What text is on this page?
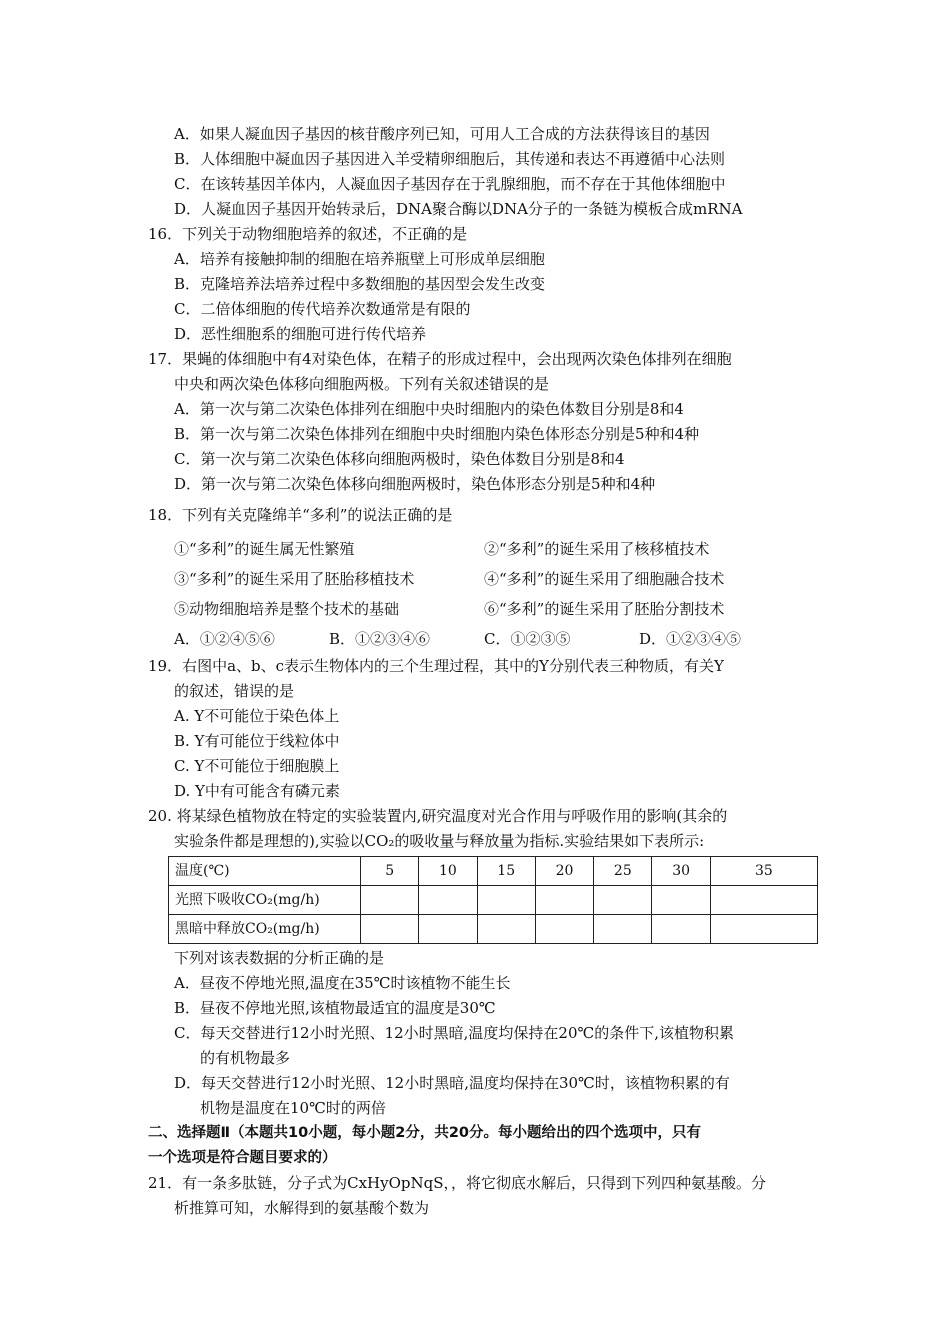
A．如果人凝血因子基因的核苷酸序列已知，可用人工合成的方法获得该目的基因
B．人体细胞中凝血因子基因进入羊受精卵细胞后，其传递和表达不再遵循中心法则
C．在该转基因羊体内，人凝血因子基因存在于乳腺细胞，而不存在于其他体细胞中
D．人凝血因子基因开始转录后，DNA聚合酶以DNA分子的一条链为模板合成mRNA
16．下列关于动物细胞培养的叙述，不正确的是
A．培养有接触抑制的细胞在培养瓶壁上可形成单层细胞
B．克隆培养法培养过程中多数细胞的基因型会发生改变
C．二倍体细胞的传代培养次数通常是有限的
D．恶性细胞系的细胞可进行传代培养
17．果蝇的体细胞中有4对染色体，在精子的形成过程中，会出现两次染色体排列在细胞
中央和两次染色体移向细胞两极。下列有关叙述错误的是
A．第一次与第二次染色体排列在细胞中央时细胞内的染色体数目分别是8和4
B．第一次与第二次染色体排列在细胞中央时细胞内染色体形态分别是5种和4种
C．第一次与第二次染色体移向细胞两极时，染色体数目分别是8和4
D．第一次与第二次染色体移向细胞两极时，染色体形态分别是5种和4种
18．下列有关克隆绵羊“多利”的说法正确的是
①“多利”的诞生属无性繁殖	②“多利”的诞生采用了核移植技术
③“多利”的诞生采用了胚胎移植技术	④“多利”的诞生采用了细胞融合技术
⑤动物细胞培养是整个技术的基础	⑥“多利”的诞生采用了胚胎分割技术
A．①②④⑤⑥	B．①②③④⑥	C．①②③⑤	D．①②③④⑤
19．右图中a、b、c表示生物体内的三个生理过程，其中的Y分别代表三种物质，有关Y
的叙述，错误的是
A. Y不可能位于染色体上
B. Y有可能位于线粒体中
C. Y不可能位于细胞膜上
D. Y中有可能含有磷元素
20. 将某绿色植物放在特定的实验装置内,研究温度对光合作用与呼吸作用的影响(其余的
实验条件都是理想的),实验以CO₂的吸收量与释放量为指标.实验结果如下表所示:
温度(℃)	5	10	15	20	25	30	35
光照下吸收CO₂(mg/h)							
黑暗中释放CO₂(mg/h)							
下列对该表数据的分析正确的是
A．昼夜不停地光照,温度在35℃时该植物不能生长
B．昼夜不停地光照,该植物最适宜的温度是30℃
C．每天交替进行12小时光照、12小时黑暗,温度均保持在20℃的条件下,该植物积累
的有机物最多
D．每天交替进行12小时光照、12小时黑暗,温度均保持在30℃时，该植物积累的有
机物是温度在10℃时的两倍
二、选择题Ⅱ（本题共10小题，每小题2分，共20分。每小题给出的四个选项中，只有
一个选项是符合题目要求的）
21．有一条多肽链，分子式为CxHyOpNqS，，将它彻底水解后，只得到下列四种氨基酸。分
析推算可知，水解得到的氨基酸个数为
